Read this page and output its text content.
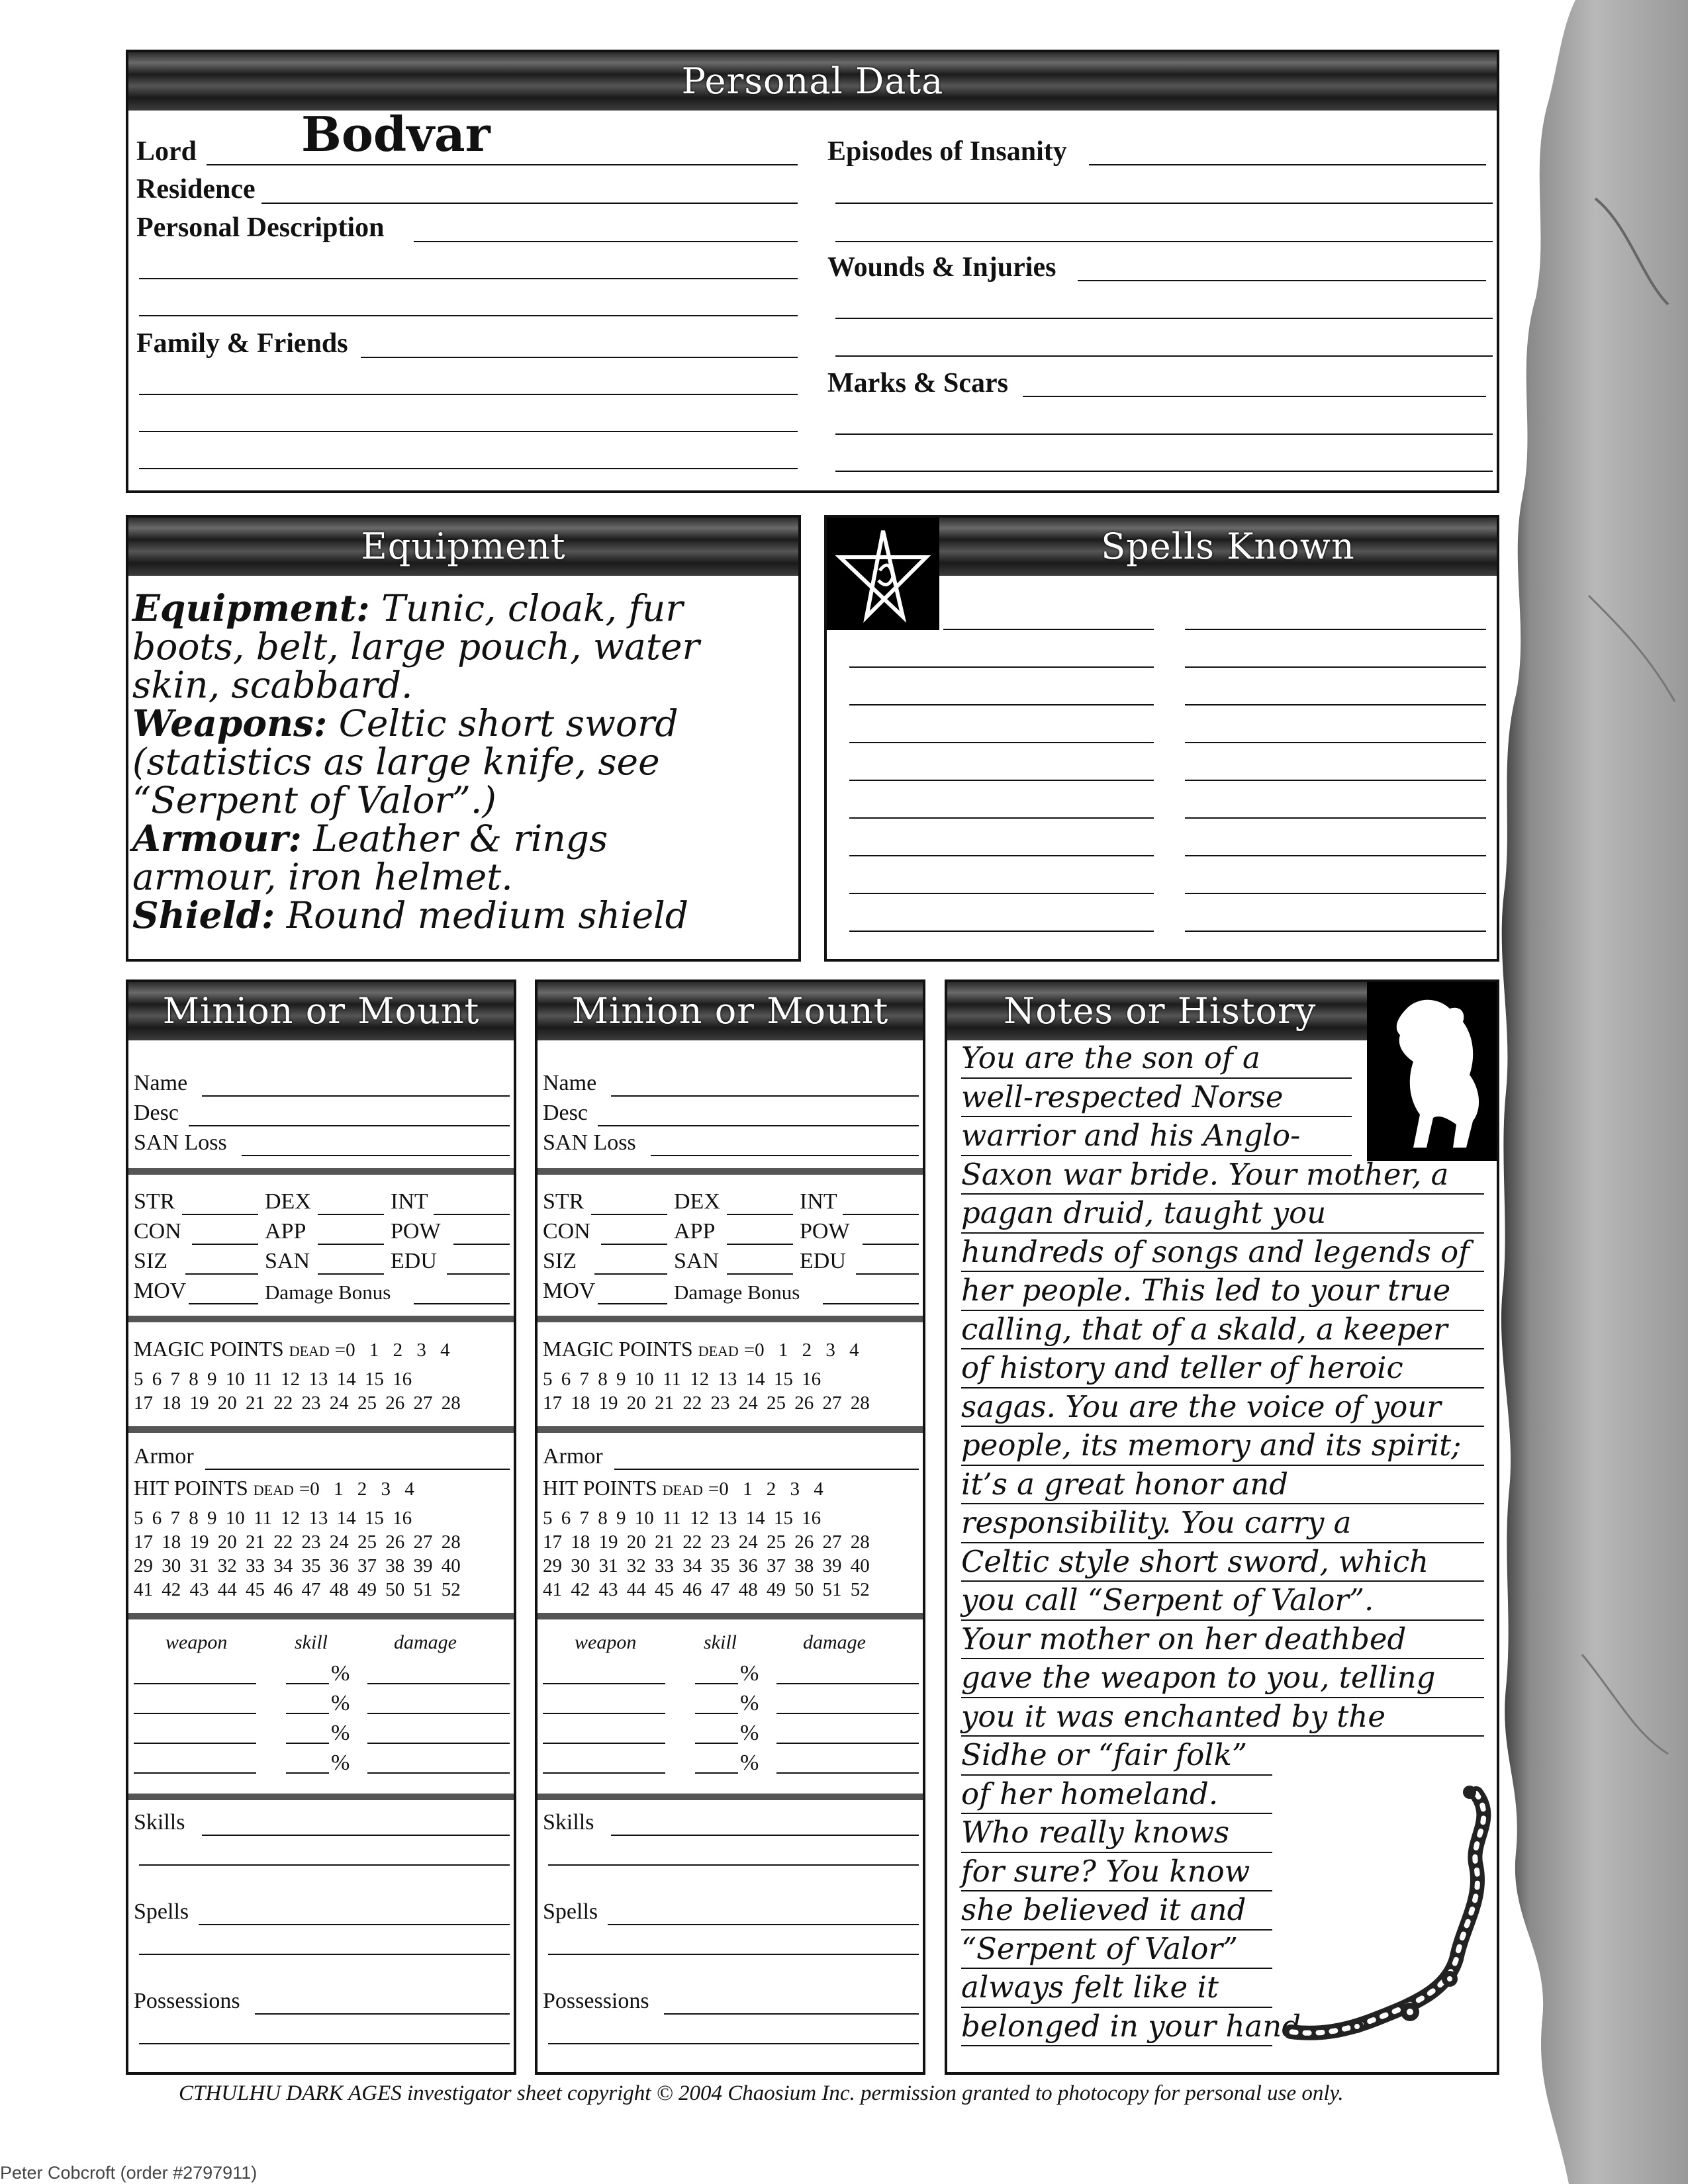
Personal Data
Lord Bodvar
Residence
Personal Description
Family & Friends
Episodes of Insanity
Wounds & Injuries
Marks & Scars
Equipment
Equipment: Tunic, cloak, fur
boots, belt, large pouch, water
skin, scabbard.
Weapons: Celtic short sword
(statistics as large knife, see
“Serpent of Valor”.)
Armour: Leather & rings
armour, iron helmet.
Shield: Round medium shield
Spells Known
Minion or Mount
Name
Desc
SAN Loss
STR	DEX	INT
CON	APP	POW
SIZ	SAN	EDU
MOV	Damage Bonus
MAGIC POINTS DEAD =0 1 2 3 4
5 6 7 8 9 10 11 12 13 14 15 16
17 18 19 20 21 22 23 24 25 26 27 28
Armor
HIT POINTS DEAD =0 1 2 3 4
5 6 7 8 9 10 11 12 13 14 15 16
17 18 19 20 21 22 23 24 25 26 27 28
29 30 31 32 33 34 35 36 37 38 39 40
41 42 43 44 45 46 47 48 49 50 51 52
weapon	skill	damage
%
%
%
%
Skills
Spells
Possessions
Minion or Mount
Name
Desc
SAN Loss
STR	DEX	INT
CON	APP	POW
SIZ	SAN	EDU
MOV	Damage Bonus
MAGIC POINTS DEAD =0 1 2 3 4
5 6 7 8 9 10 11 12 13 14 15 16
17 18 19 20 21 22 23 24 25 26 27 28
Armor
HIT POINTS DEAD =0 1 2 3 4
5 6 7 8 9 10 11 12 13 14 15 16
17 18 19 20 21 22 23 24 25 26 27 28
29 30 31 32 33 34 35 36 37 38 39 40
41 42 43 44 45 46 47 48 49 50 51 52
weapon	skill	damage
%
%
%
%
Skills
Spells
Possessions
Notes or History
You are the son of a
well-respected Norse
warrior and his Anglo-
Saxon war bride. Your mother, a
pagan druid, taught you
hundreds of songs and legends of
her people. This led to your true
calling, that of a skald, a keeper
of history and teller of heroic
sagas. You are the voice of your
people, its memory and its spirit;
it’s a great honor and
responsibility. You carry a
Celtic style short sword, which
you call “Serpent of Valor”.
Your mother on her deathbed
gave the weapon to you, telling
you it was enchanted by the
Sidhe or “fair folk”
of her homeland.
Who really knows
for sure? You know
she believed it and
“Serpent of Valor”
always felt like it
belonged in your hand.
CTHULHU DARK AGES investigator sheet copyright © 2004 Chaosium Inc. permission granted to photocopy for personal use only.
Peter Cobcroft (order #2797911)
